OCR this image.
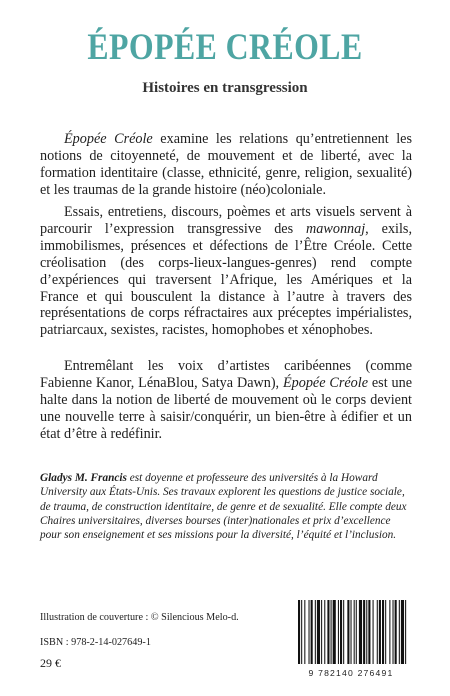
ÉPOPÉE CRÉOLE
Histoires en transgression

Épopée Créole examine les relations qu’entretiennent les notions de citoyenneté, de mouvement et de liberté, avec la formation identitaire (classe, ethnicité, genre, religion, sexualité) et les traumas de la grande histoire (néo)coloniale.

Essais, entretiens, discours, poèmes et arts visuels servent à parcourir l’expression transgressive des mawonnaj, exils, immobilismes, présences et défections de l’Être Créole. Cette créolisation (des corps-lieux-langues-genres) rend compte d’expériences qui traversent l’Afrique, les Amériques et la France et qui bousculent la distance à l’autre à travers des représentations de corps réfractaires aux préceptes impérialistes, patriarcaux, sexistes, racistes, homophobes et xénophobes.

Entremêlant les voix d’artistes caribéennes (comme Fabienne Kanor, LénaBlou, Satya Dawn), Épopée Créole est une halte dans la notion de liberté de mouvement où le corps devient une nouvelle terre à saisir/conquérir, un bien-être à édifier et un état d’être à redéfinir.

Gladys M. Francis est doyenne et professeure des universités à la Howard University aux États-Unis. Ses travaux explorent les questions de justice sociale, de trauma, de construction identitaire, de genre et de sexualité. Elle compte deux Chaires universitaires, diverses bourses (inter)nationales et prix d’excellence pour son enseignement et ses missions pour la diversité, l’équité et l’inclusion.

Illustration de couverture : © Silencious Melo-d.
ISBN : 978-2-14-027649-1
29 €
9 782140 276491
